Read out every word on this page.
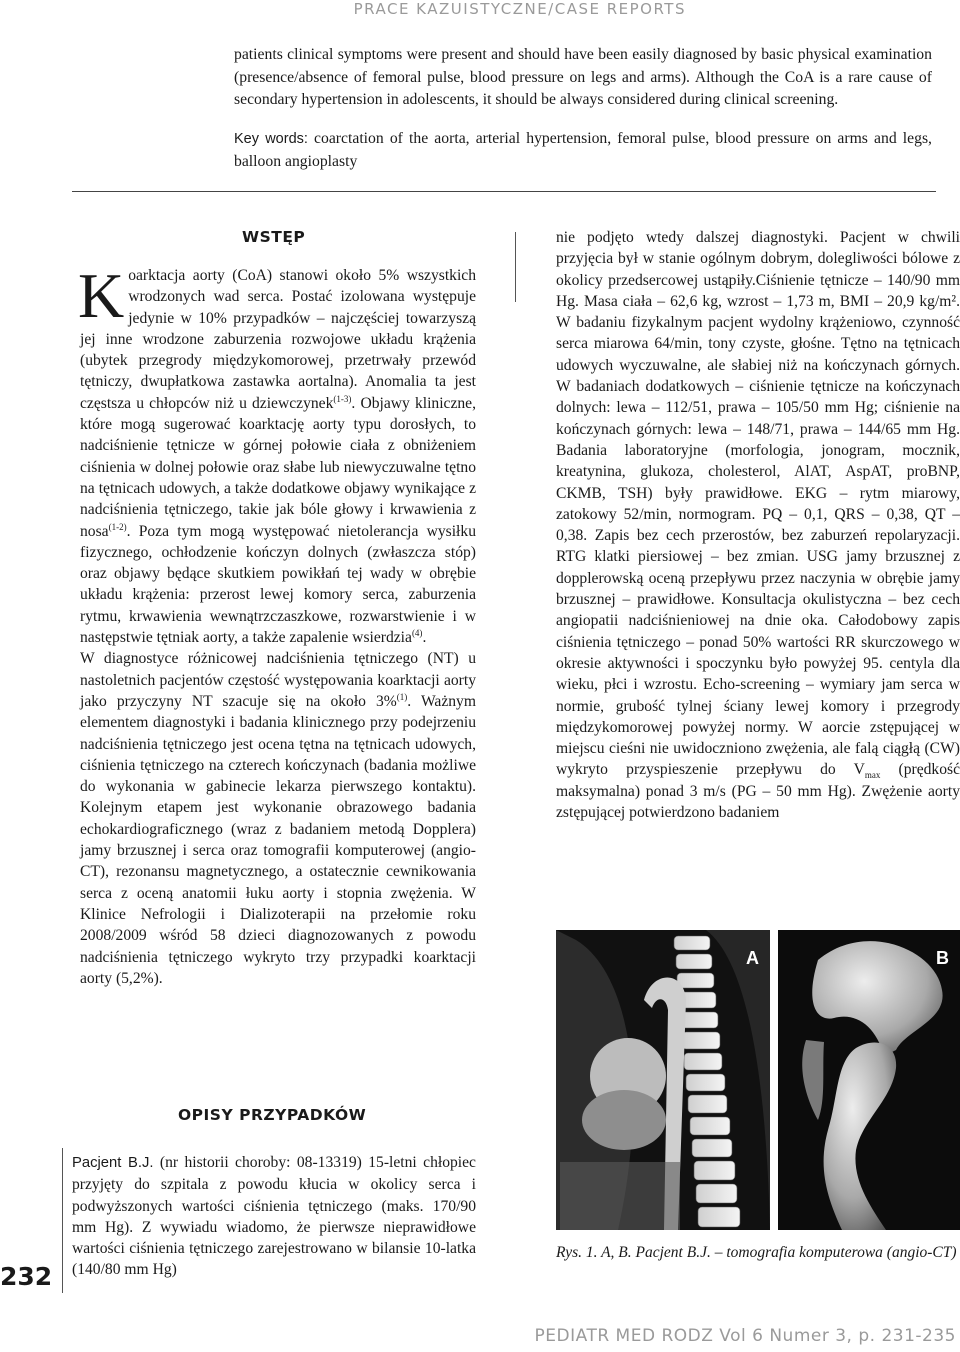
PRACE KAZUISTYCZNE/CASE REPORTS

patients clinical symptoms were present and should have been easily diagnosed by basic physical examination (presence/absence of femoral pulse, blood pressure on legs and arms). Although the CoA is a rare cause of secondary hypertension in adolescents, it should be always considered during clinical screening.

Key words: coarctation of the aorta, arterial hypertension, femoral pulse, blood pressure on arms and legs, balloon angioplasty

WSTĘP

Koarktacja aorty (CoA) stanowi około 5% wszystkich wrodzonych wad serca. Postać izolowana występuje jedynie w 10% przypadków – najczęściej towarzyszą jej inne wrodzone zaburzenia rozwojowe układu krążenia (ubytek przegrody międzykomorowej, przetrwały przewód tętniczy, dwupłatkowa zastawka aortalna). Anomalia ta jest częstsza u chłopców niż u dziewczynek$^{(1-3)}$. Objawy kliniczne, które mogą sugerować koarktację aorty typu dorosłych, to nadciśnienie tętnicze w górnej połowie ciała z obniżeniem ciśnienia w dolnej połowie oraz słabe lub niewyczuwalne tętno na tętnicach udowych, a także dodatkowe objawy wynikające z nadciśnienia tętniczego, takie jak bóle głowy i krwawienia z nosa$^{(1-2)}$. Poza tym mogą występować nietolerancja wysiłku fizycznego, ochłodzenie kończyn dolnych (zwłaszcza stóp) oraz objawy będące skutkiem powikłań tej wady w obrębie układu krążenia: przerost lewej komory serca, zaburzenia rytmu, krwawienia wewnątrzczaszkowe, rozwarstwienie i w następstwie tętniak aorty, a także zapalenie wsierdzia$^{(4)}$.

W diagnostyce różnicowej nadciśnienia tętniczego (NT) u nastoletnich pacjentów częstość występowania koarktacji aorty jako przyczyny NT szacuje się na około 3%$^{(1)}$. Ważnym elementem diagnostyki i badania klinicznego przy podejrzeniu nadciśnienia tętniczego jest ocena tętna na tętnicach udowych, ciśnienia tętniczego na czterech kończynach (badania możliwe do wykonania w gabinecie lekarza pierwszego kontaktu). Kolejnym etapem jest wykonanie obrazowego badania echokardiograficznego (wraz z badaniem metodą Dopplera) jamy brzusznej i serca oraz tomografii komputerowej (angio-CT), rezonansu magnetycznego, a ostatecznie cewnikowania serca z oceną anatomii łuku aorty i stopnia zwężenia. W Klinice Nefrologii i Dializoterapii na przełomie roku 2008/2009 wśród 58 dzieci diagnozowanych z powodu nadciśnienia tętniczego wykryto trzy przypadki koarktacji aorty (5,2%).

OPISY PRZYPADKÓW
Pacjent B.J. (nr historii choroby: 08-13319) 15-letni chłopiec przyjęty do szpitala z powodu kłucia w okolicy serca i podwyższonych wartości ciśnienia tętniczego (maks. 170/90 mm Hg). Z wywiadu wiadomo, że pierwsze nieprawidłowe wartości ciśnienia tętniczego zarejestrowano w bilansie 10-latka (140/80 mm Hg)

nie podjęto wtedy dalszej diagnostyki. Pacjent w chwili przyjęcia był w stanie ogólnym dobrym, dolegliwości bólowe z okolicy przedsercowej ustąpiły.Ciśnienie tętnicze – 140/90 mm Hg. Masa ciała – 62,6 kg, wzrost – 1,73 m, BMI – 20,9 kg/m². W badaniu fizykalnym pacjent wydolny krążeniowo, czynność serca miarowa 64/min, tony czyste, głośne. Tętno na tętnicach udowych wyczuwalne, ale słabiej niż na kończynach górnych. W badaniach dodatkowych – ciśnienie tętnicze na kończynach dolnych: lewa – 112/51, prawa – 105/50 mm Hg; ciśnienie na kończynach górnych: lewa – 148/71, prawa – 144/65 mm Hg. Badania laboratoryjne (morfologia, jonogram, mocznik, kreatynina, glukoza, cholesterol, AlAT, AspAT, proBNP, CKMB, TSH) były prawidłowe. EKG – rytm miarowy, zatokowy 52/min, normogram. PQ – 0,1, QRS – 0,38, QT – 0,38. Zapis bez cech przerostów, bez zaburzeń repolaryzacji. RTG klatki piersiowej – bez zmian. USG jamy brzusznej z dopplerowską oceną przepływu przez naczynia w obrębie jamy brzusznej – prawidłowe. Konsultacja okulistyczna – bez cech angiopatii nadciśnieniowej na dnie oka. Całodobowy zapis ciśnienia tętniczego – ponad 50% wartości RR skurczowego w okresie aktywności i spoczynku było powyżej 95. centyla dla wieku, płci i wzrostu. Echo-screening – wymiary jam serca w normie, grubość tylnej ściany lewej komory i przegrody międzykomorowej powyżej normy. W aorcie zstępującej w miejscu cieśni nie uwidoczniono zwężenia, ale falą ciągłą (CW) wykryto przyspieszenie przepływu do $V_{max}$ (prędkość maksymalna) ponad 3 m/s (PG – 50 mm Hg). Zwężenie aorty zstępującej potwierdzono badaniem

A	B
Rys. 1. A, B. Pacjent B.J. – tomografia komputerowa (angio-CT)
232
PEDIATR MED RODZ Vol 6 Numer 3, p. 231-235
